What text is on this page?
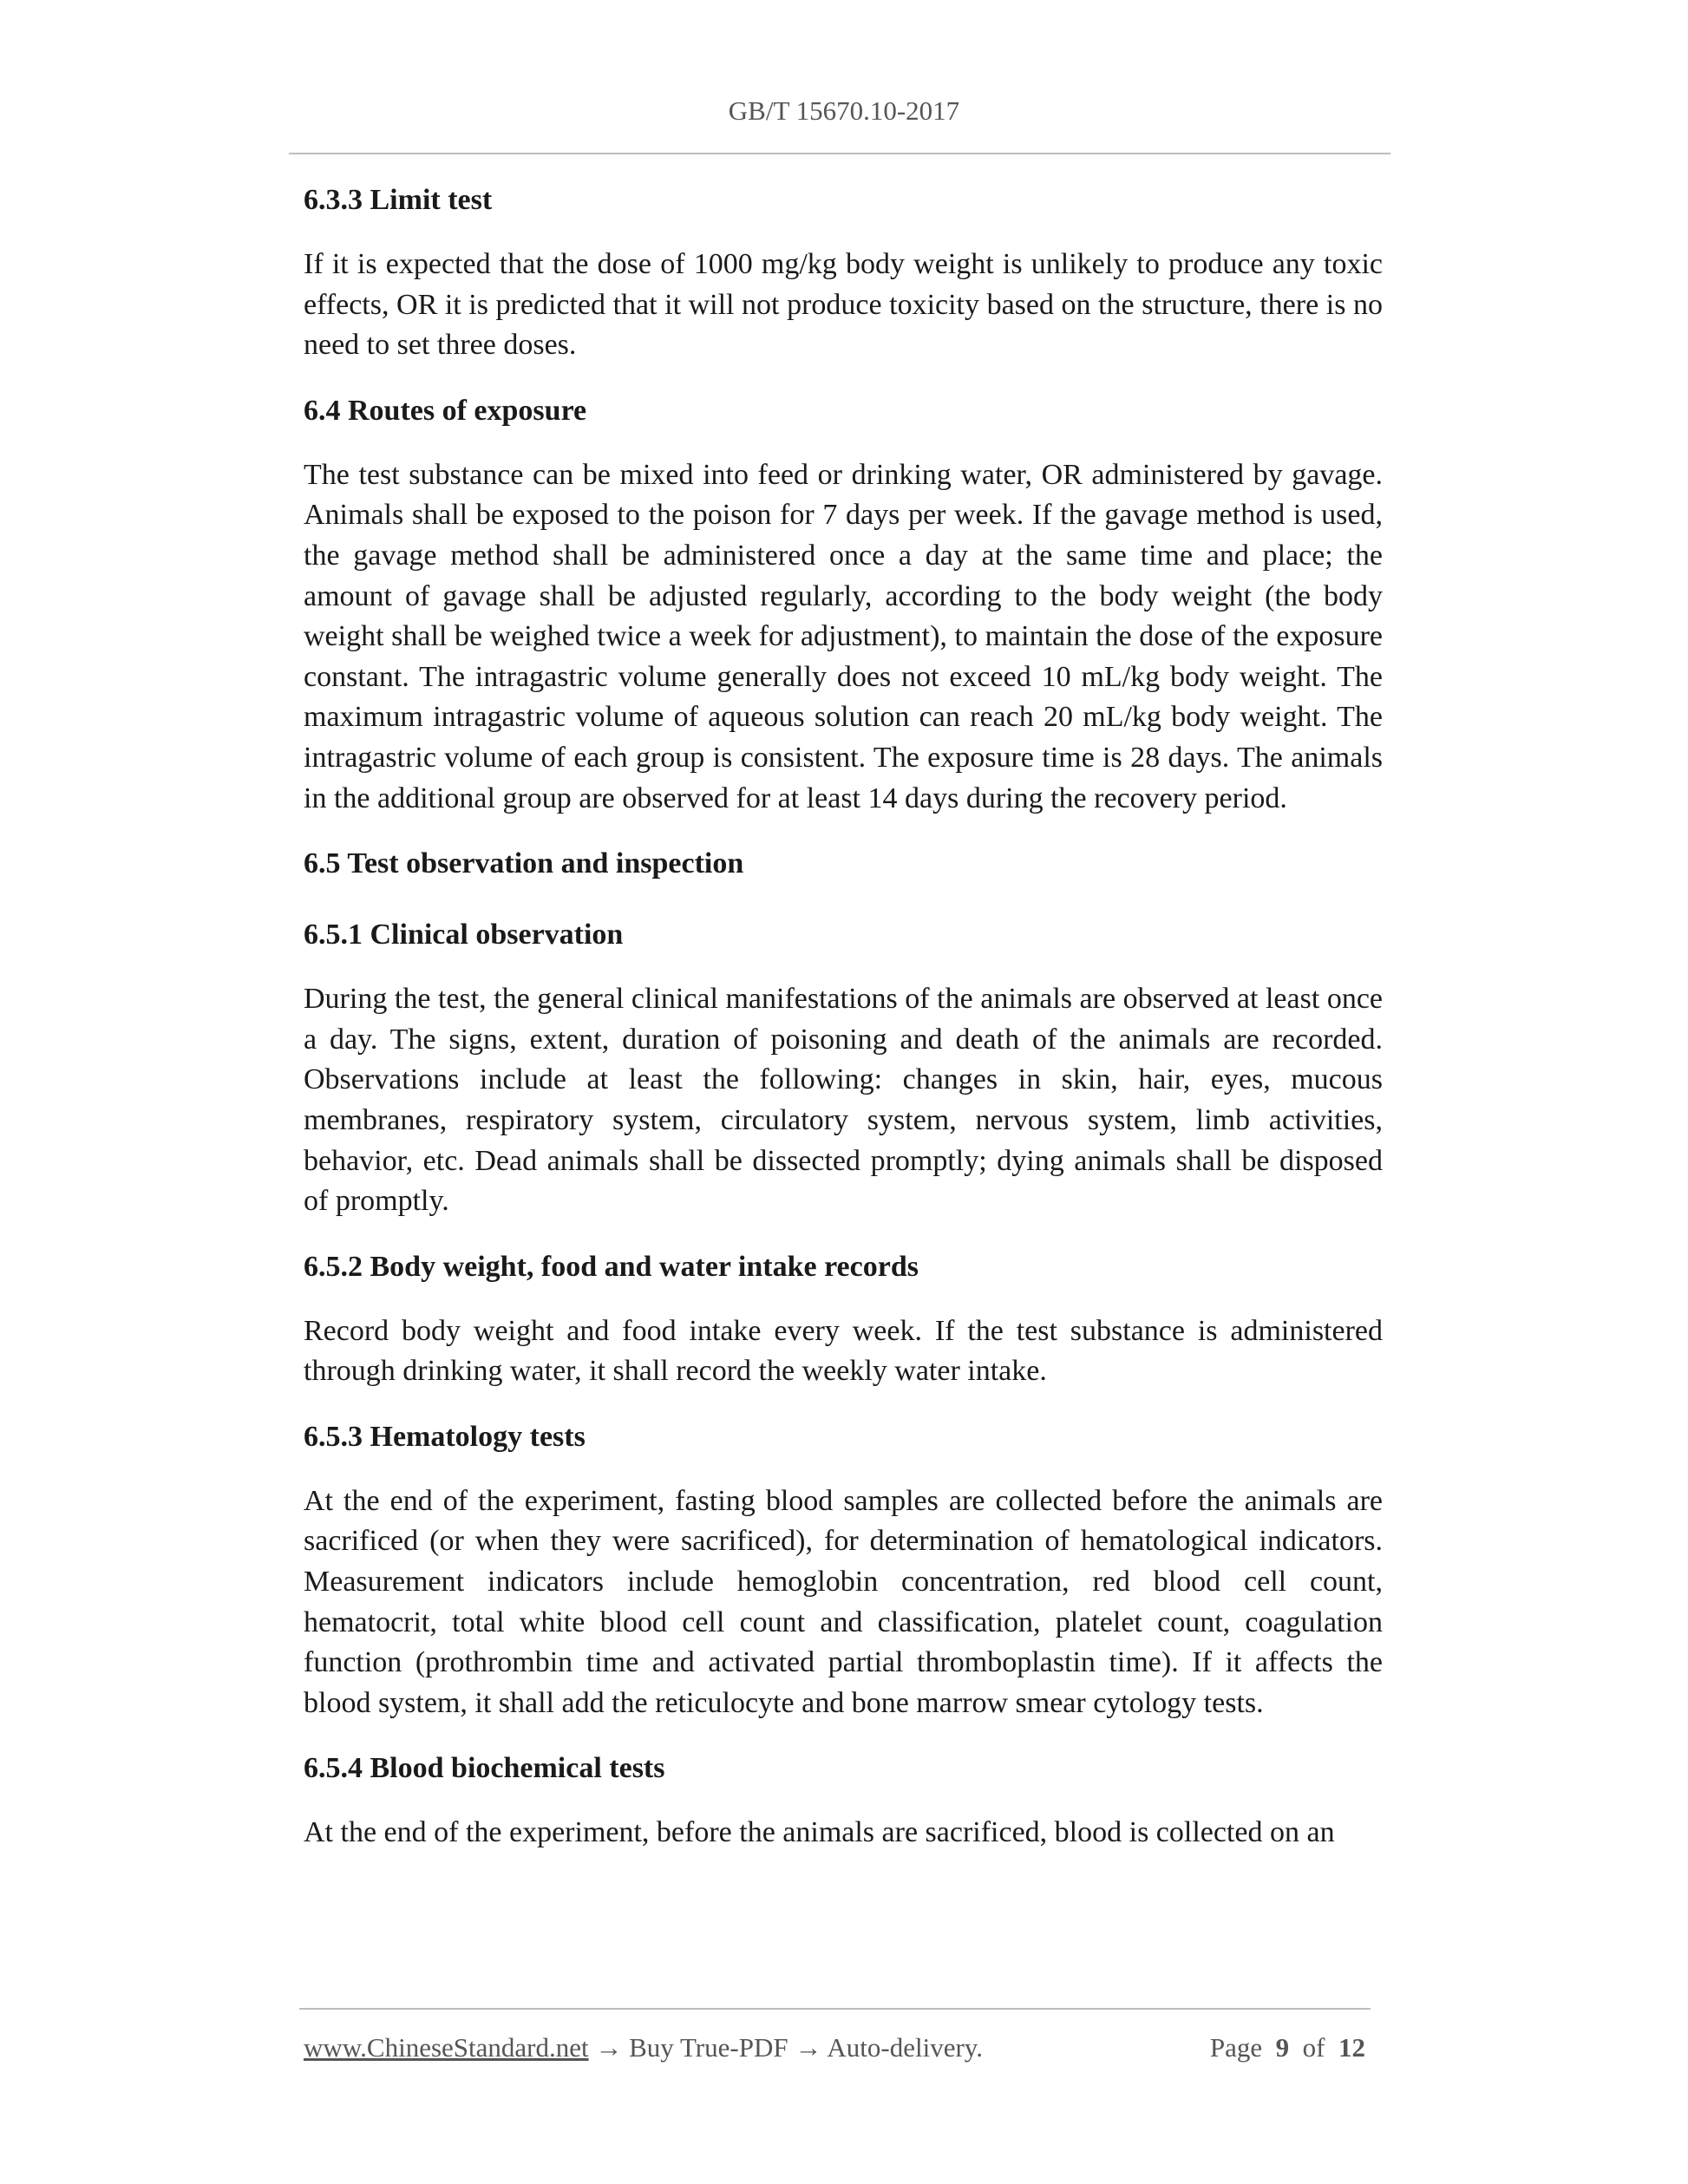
GB/T 15670.10-2017
6.3.3 Limit test

If it is expected that the dose of 1000 mg/kg body weight is unlikely to produce any toxic effects, OR it is predicted that it will not produce toxicity based on the structure, there is no need to set three doses.

6.4 Routes of exposure

The test substance can be mixed into feed or drinking water, OR administered by gavage. Animals shall be exposed to the poison for 7 days per week. If the gavage method is used, the gavage method shall be administered once a day at the same time and place; the amount of gavage shall be adjusted regularly, according to the body weight (the body weight shall be weighed twice a week for adjustment), to maintain the dose of the exposure constant. The intragastric volume generally does not exceed 10 mL/kg body weight. The maximum intragastric volume of aqueous solution can reach 20 mL/kg body weight. The intragastric volume of each group is consistent. The exposure time is 28 days. The animals in the additional group are observed for at least 14 days during the recovery period.

6.5 Test observation and inspection
6.5.1 Clinical observation

During the test, the general clinical manifestations of the animals are observed at least once a day. The signs, extent, duration of poisoning and death of the animals are recorded. Observations include at least the following: changes in skin, hair, eyes, mucous membranes, respiratory system, circulatory system, nervous system, limb activities, behavior, etc. Dead animals shall be dissected promptly; dying animals shall be disposed of promptly.

6.5.2 Body weight, food and water intake records

Record body weight and food intake every week. If the test substance is administered through drinking water, it shall record the weekly water intake.

6.5.3 Hematology tests

At the end of the experiment, fasting blood samples are collected before the animals are sacrificed (or when they were sacrificed), for determination of hematological indicators. Measurement indicators include hemoglobin concentration, red blood cell count, hematocrit, total white blood cell count and classification, platelet count, coagulation function (prothrombin time and activated partial thromboplastin time). If it affects the blood system, it shall add the reticulocyte and bone marrow smear cytology tests.

6.5.4 Blood biochemical tests

At the end of the experiment, before the animals are sacrificed, blood is collected on an

www.ChineseStandard.net → Buy True-PDF → Auto-delivery.	Page 9 of 12
